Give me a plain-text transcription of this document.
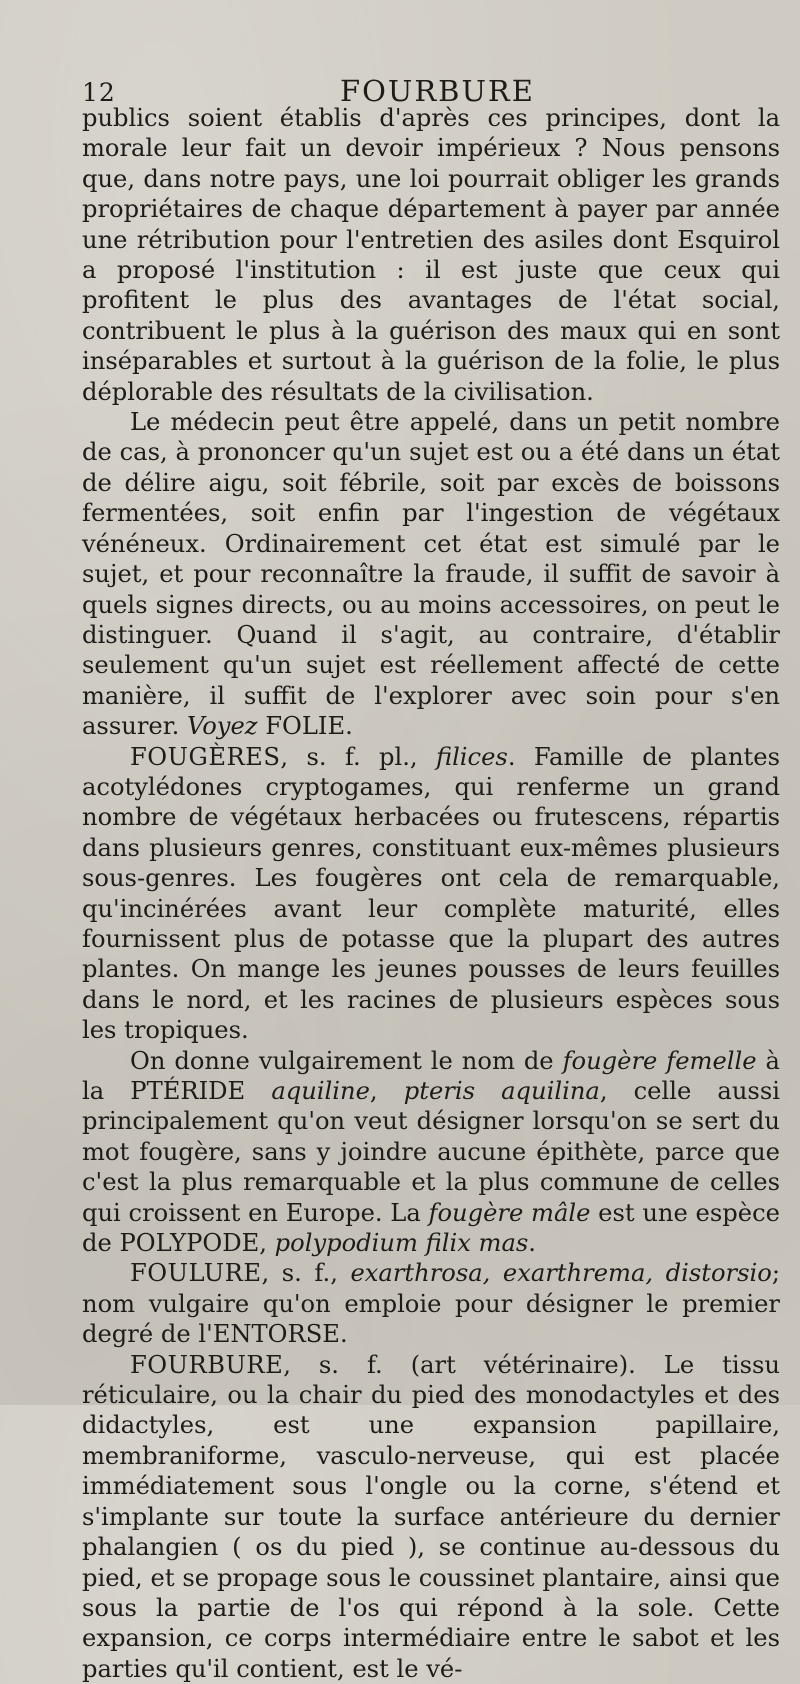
12	FOURBURE

publics soient établis d'après ces principes, dont la morale leur fait un devoir impérieux ? Nous pensons que, dans notre pays, une loi pourrait obliger les grands propriétaires de chaque département à payer par année une rétribution pour l'entretien des asiles dont Esquirol a proposé l'institution : il est juste que ceux qui profitent le plus des avantages de l'état social, contribuent le plus à la guérison des maux qui en sont inséparables et surtout à la guérison de la folie, le plus déplorable des résultats de la civilisation.

Le médecin peut être appelé, dans un petit nombre de cas, à prononcer qu'un sujet est ou a été dans un état de délire aigu, soit fébrile, soit par excès de boissons fermentées, soit enfin par l'ingestion de végétaux vénéneux. Ordinairement cet état est simulé par le sujet, et pour reconnaître la fraude, il suffit de savoir à quels signes directs, ou au moins accessoires, on peut le distinguer. Quand il s'agit, au contraire, d'établir seulement qu'un sujet est réellement affecté de cette manière, il suffit de l'explorer avec soin pour s'en assurer. Voyez FOLIE.

FOUGÈRES, s. f. pl., filices. Famille de plantes acotylédones cryptogames, qui renferme un grand nombre de végétaux herbacées ou frutescens, répartis dans plusieurs genres, constituant eux-mêmes plusieurs sous-genres. Les fougères ont cela de remarquable, qu'incinérées avant leur complète maturité, elles fournissent plus de potasse que la plupart des autres plantes. On mange les jeunes pousses de leurs feuilles dans le nord, et les racines de plusieurs espèces sous les tropiques.

On donne vulgairement le nom de fougère femelle à la PTÉRIDE aquiline, pteris aquilina, celle aussi principalement qu'on veut désigner lorsqu'on se sert du mot fougère, sans y joindre aucune épithète, parce que c'est la plus remarquable et la plus commune de celles qui croissent en Europe. La fougère mâle est une espèce de POLYPODE, polypodium filix mas.

FOULURE, s. f., exarthrosa, exarthrema, distorsio; nom vulgaire qu'on emploie pour désigner le premier degré de l'ENTORSE.

FOURBURE, s. f. (art vétérinaire). Le tissu réticulaire, ou la chair du pied des monodactyles et des didactyles, est une expansion papillaire, membraniforme, vasculo-nerveuse, qui est placée immédiatement sous l'ongle ou la corne, s'étend et s'implante sur toute la surface antérieure du dernier phalangien ( os du pied ), se continue au-dessous du pied, et se propage sous le coussinet plantaire, ainsi que sous la partie de l'os qui répond à la sole. Cette expansion, ce corps intermédiaire entre le sabot et les parties qu'il contient, est le vé-
